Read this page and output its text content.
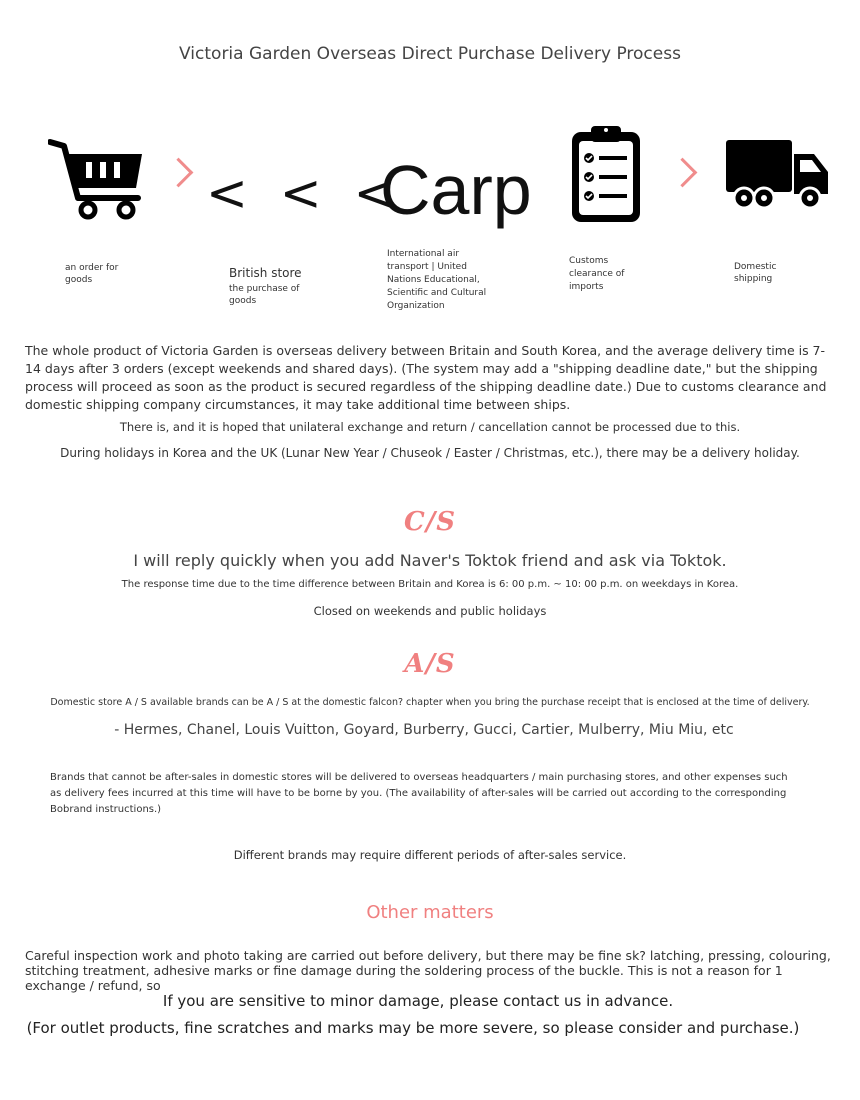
Victoria Garden Overseas Direct Purchase Delivery Process
an order for goods
< < <
Carp
British store
the purchase of goods
International air transport | United Nations Educational, Scientific and Cultural Organization
Customs clearance of imports
Domestic shipping
The whole product of Victoria Garden is overseas delivery between Britain and South Korea, and the average delivery time is 7-14 days after 3 orders (except weekends and shared days). (The system may add a "shipping deadline date," but the shipping process will proceed as soon as the product is secured regardless of the shipping deadline date.) Due to customs clearance and domestic shipping company circumstances, it may take additional time between ships.
There is, and it is hoped that unilateral exchange and return / cancellation cannot be processed due to this.
During holidays in Korea and the UK (Lunar New Year / Chuseok / Easter / Christmas, etc.), there may be a delivery holiday.
C/S
I will reply quickly when you add Naver's Toktok friend and ask via Toktok.
The response time due to the time difference between Britain and Korea is 6: 00 p.m. ~ 10: 00 p.m. on weekdays in Korea.
Closed on weekends and public holidays
A/S
Domestic store A / S available brands can be A / S at the domestic falcon? chapter when you bring the purchase receipt that is enclosed at the time of delivery.
- Hermes, Chanel, Louis Vuitton, Goyard, Burberry, Gucci, Cartier, Mulberry, Miu Miu, etc
Brands that cannot be after-sales in domestic stores will be delivered to overseas headquarters / main purchasing stores, and other expenses such as delivery fees incurred at this time will have to be borne by you. (The availability of after-sales will be carried out according to the corresponding Bobrand instructions.)
Different brands may require different periods of after-sales service.
Other matters
Careful inspection work and photo taking are carried out before delivery, but there may be fine sk? latching, pressing, colouring, stitching treatment, adhesive marks or fine damage during the soldering process of the buckle. This is not a reason for 1 exchange / refund, so
If you are sensitive to minor damage, please contact us in advance.
(For outlet products, fine scratches and marks may be more severe, so please consider and purchase.)
